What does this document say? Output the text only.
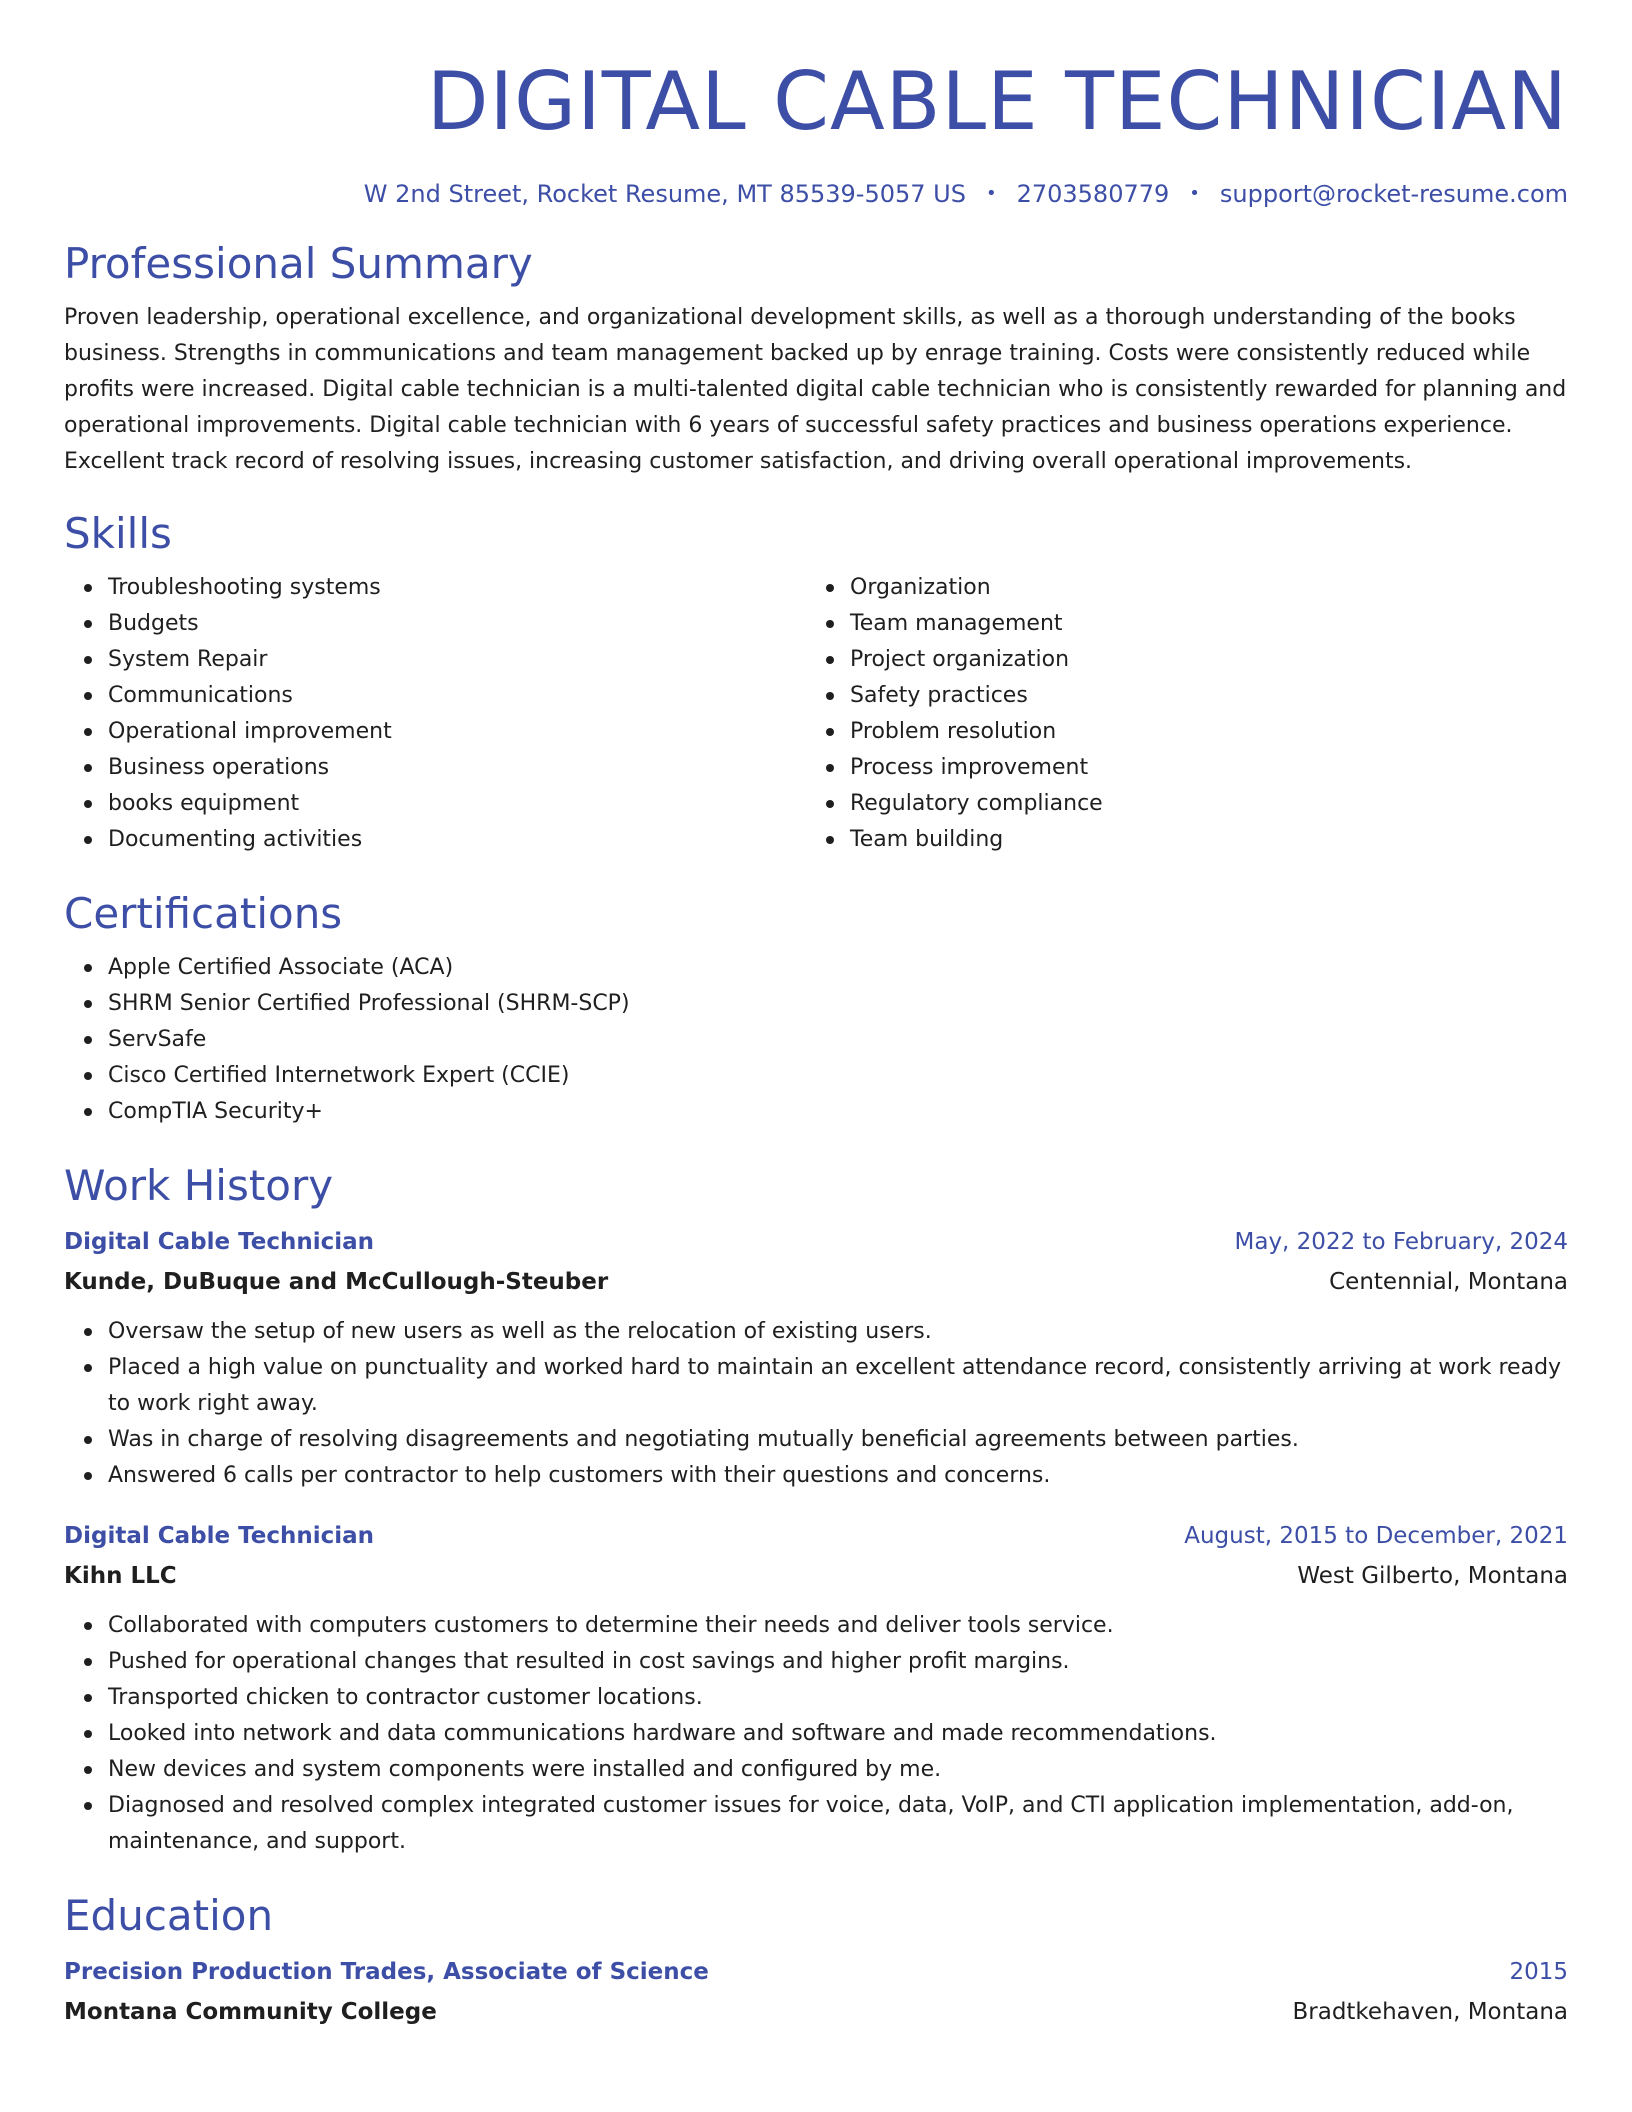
DIGITAL CABLE TECHNICIAN
W 2nd Street, Rocket Resume, MT 85539-5057 US • 2703580779 • support@rocket-resume.com
Professional Summary

Proven leadership, operational excellence, and organizational development skills, as well as a thorough understanding of the books business. Strengths in communications and team management backed up by enrage training. Costs were consistently reduced while profits were increased. Digital cable technician is a multi-talented digital cable technician who is consistently rewarded for planning and operational improvements. Digital cable technician with 6 years of successful safety practices and business operations experience. Excellent track record of resolving issues, increasing customer satisfaction, and driving overall operational improvements.

Skills
Troubleshooting systems
Budgets
System Repair
Communications
Operational improvement
Business operations
books equipment
Documenting activities
Organization
Team management
Project organization
Safety practices
Problem resolution
Process improvement
Regulatory compliance
Team building
Certifications
Apple Certified Associate (ACA)
SHRM Senior Certified Professional (SHRM-SCP)
ServSafe
Cisco Certified Internetwork Expert (CCIE)
CompTIA Security+
Work History
Digital Cable Technician	May, 2022 to February, 2024
Kunde, DuBuque and McCullough-Steuber	Centennial, Montana
Oversaw the setup of new users as well as the relocation of existing users.
Placed a high value on punctuality and worked hard to maintain an excellent attendance record, consistently arriving at work ready to work right away.
Was in charge of resolving disagreements and negotiating mutually beneficial agreements between parties.
Answered 6 calls per contractor to help customers with their questions and concerns.
Digital Cable Technician	August, 2015 to December, 2021
Kihn LLC	West Gilberto, Montana
Collaborated with computers customers to determine their needs and deliver tools service.
Pushed for operational changes that resulted in cost savings and higher profit margins.
Transported chicken to contractor customer locations.
Looked into network and data communications hardware and software and made recommendations.
New devices and system components were installed and configured by me.
Diagnosed and resolved complex integrated customer issues for voice, data, VoIP, and CTI application implementation, add-on, maintenance, and support.
Education
Precision Production Trades, Associate of Science	2015
Montana Community College	Bradtkehaven, Montana
